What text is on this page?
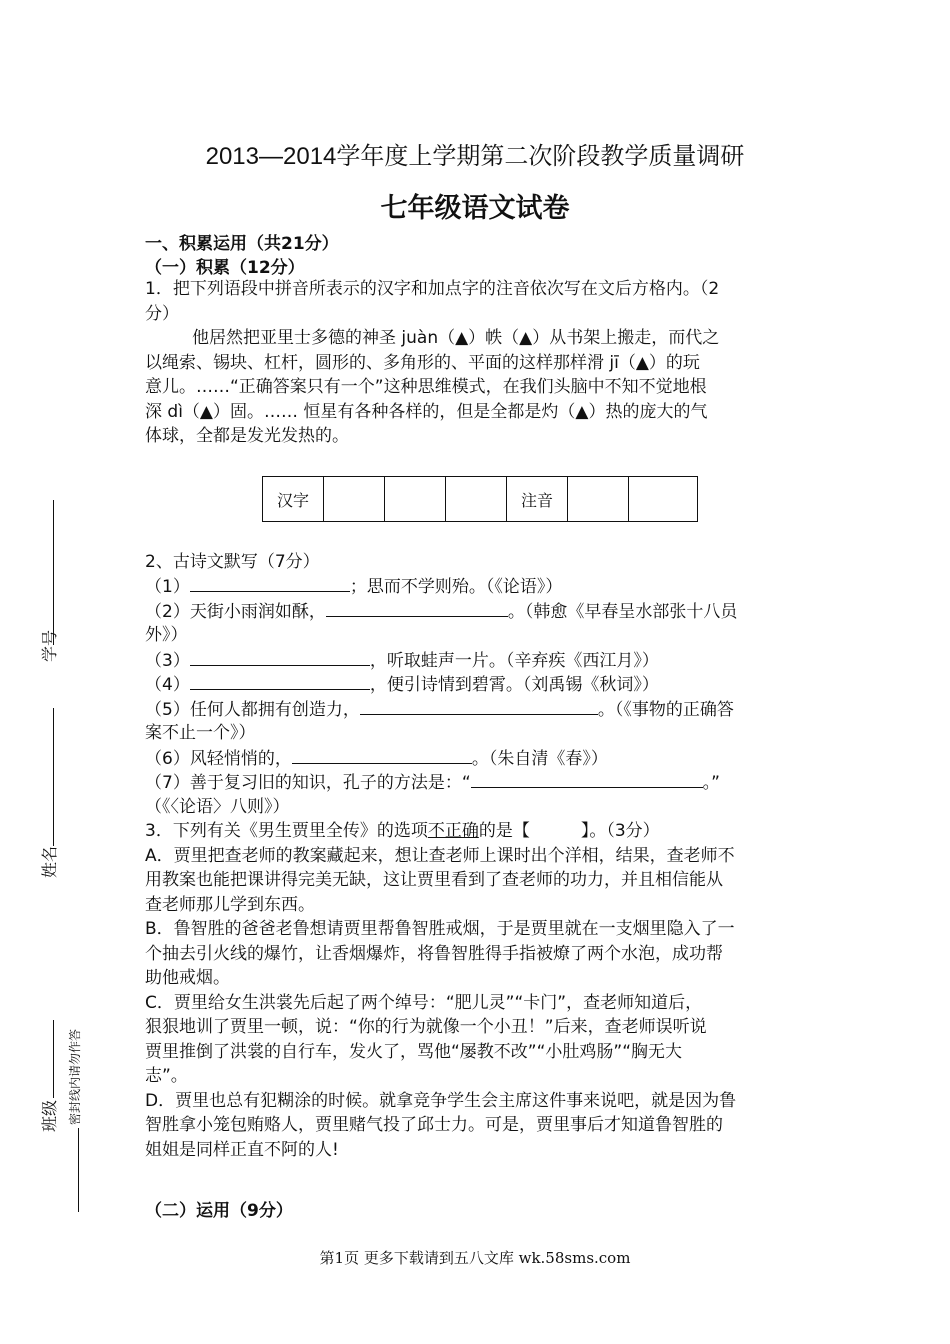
学号
姓名
班级 密封线内请勿作答
2013—2014学年度上学期第二次阶段教学质量调研
七年级语文试卷
一、积累运用（共21分）
（一）积累（12分）
1．把下列语段中拼音所表示的汉字和加点字的注音依次写在文后方格内。（2
分）
他居然把亚里士多德的神圣 juàn（▲）帙（▲）从书架上搬走，而代之
以绳索、锡块、杠杆，圆形的、多角形的、平面的这样那样滑 jī（▲）的玩
意儿。……“正确答案只有一个”这种思维模式，在我们头脑中不知不觉地根
深 dì（▲）固。…… 恒星有各种各样的，但是全都是灼（▲）热的庞大的气
体球，全都是发光发热的。
汉字				注音		
2、古诗文默写（7分）
（1）	；思而不学则殆。（《论语》）
（2）天街小雨润如酥，	。（韩愈《早春呈水部张十八员
外》）
（3）	，听取蛙声一片。（辛弃疾《西江月》）
（4）	，便引诗情到碧霄。（刘禹锡《秋词》）
（5）任何人都拥有创造力，	。（《事物的正确答
案不止一个》）
（6）风轻悄悄的，	。（朱自清《春》）
（7）善于复习旧的知识，孔子的方法是：“	。”
（《〈论语〉八则》）
3．下列有关《男生贾里全传》的选项不正确的是【　　　】。（3分）
A．贾里把查老师的教案藏起来，想让查老师上课时出个洋相，结果，查老师不
用教案也能把课讲得完美无缺，这让贾里看到了查老师的功力，并且相信能从
查老师那儿学到东西。
B．鲁智胜的爸爸老鲁想请贾里帮鲁智胜戒烟，于是贾里就在一支烟里隐入了一
个抽去引火线的爆竹，让香烟爆炸，将鲁智胜得手指被燎了两个水泡，成功帮
助他戒烟。
C．贾里给女生洪裳先后起了两个绰号：“肥儿灵”“卡门”，查老师知道后，
狠狠地训了贾里一顿，说：“你的行为就像一个小丑！”后来，查老师误听说
贾里推倒了洪裳的自行车，发火了，骂他“屡教不改”“小肚鸡肠”“胸无大
志”。
D．贾里也总有犯糊涂的时候。就拿竞争学生会主席这件事来说吧，就是因为鲁
智胜拿小笼包贿赂人，贾里赌气投了邱士力。可是，贾里事后才知道鲁智胜的
姐姐是同样正直不阿的人!
（二）运用（9分）
第1页 更多下载请到五八文库 wk.58sms.com
